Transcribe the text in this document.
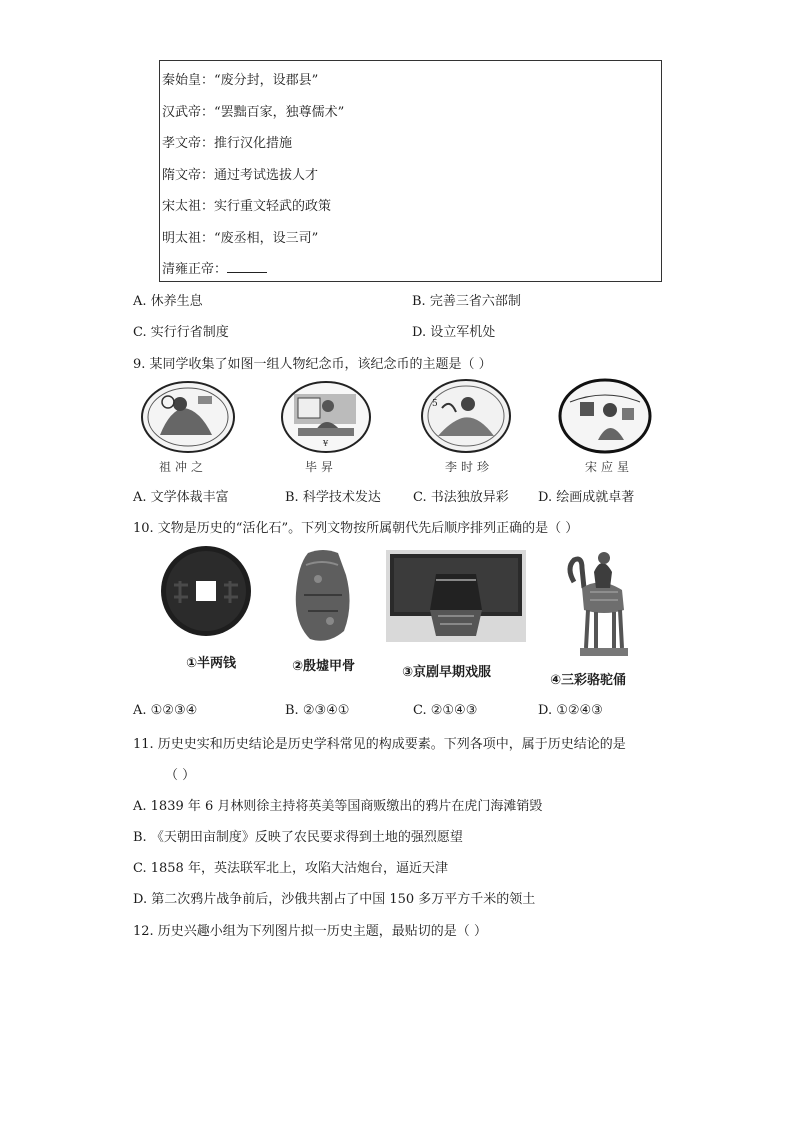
秦始皇：“废分封，设郡县”
汉武帝：“罢黜百家，独尊儒术”
孝文帝：推行汉化措施
隋文帝：通过考试选拔人才
宋太祖：实行重文轻武的政策
明太祖：“废丞相，设三司”
清雍正帝：
A. 休养生息	B. 完善三省六部制
C. 实行行省制度	D. 设立军机处
9. 某同学收集了如图一组人物纪念币，该纪念币的主题是（ ）
¥
5
祖冲之	毕昇	李时珍	宋应星
A. 文学体裁丰富	B. 科学技术发达 C. 书法独放异彩 D. 绘画成就卓著
10. 文物是历史的“活化石”。下列文物按所属朝代先后顺序排列正确的是（ ）
①半两钱	②殷墟甲骨	③京剧早期戏服
④三彩骆驼俑
A. ①②③④	B. ②③④①	C. ②①④③	D. ①②④③
11. 历史史实和历史结论是历史学科常见的构成要素。下列各项中，属于历史结论的是
（ ）
A. 1839 年 6 月林则徐主持将英美等国商贩缴出的鸦片在虎门海滩销毁
B. 《天朝田亩制度》反映了农民要求得到土地的强烈愿望
C. 1858 年，英法联军北上，攻陷大沽炮台，逼近天津
D. 第二次鸦片战争前后，沙俄共割占了中国 150 多万平方千米的领土
12. 历史兴趣小组为下列图片拟一历史主题，最贴切的是（ ）
